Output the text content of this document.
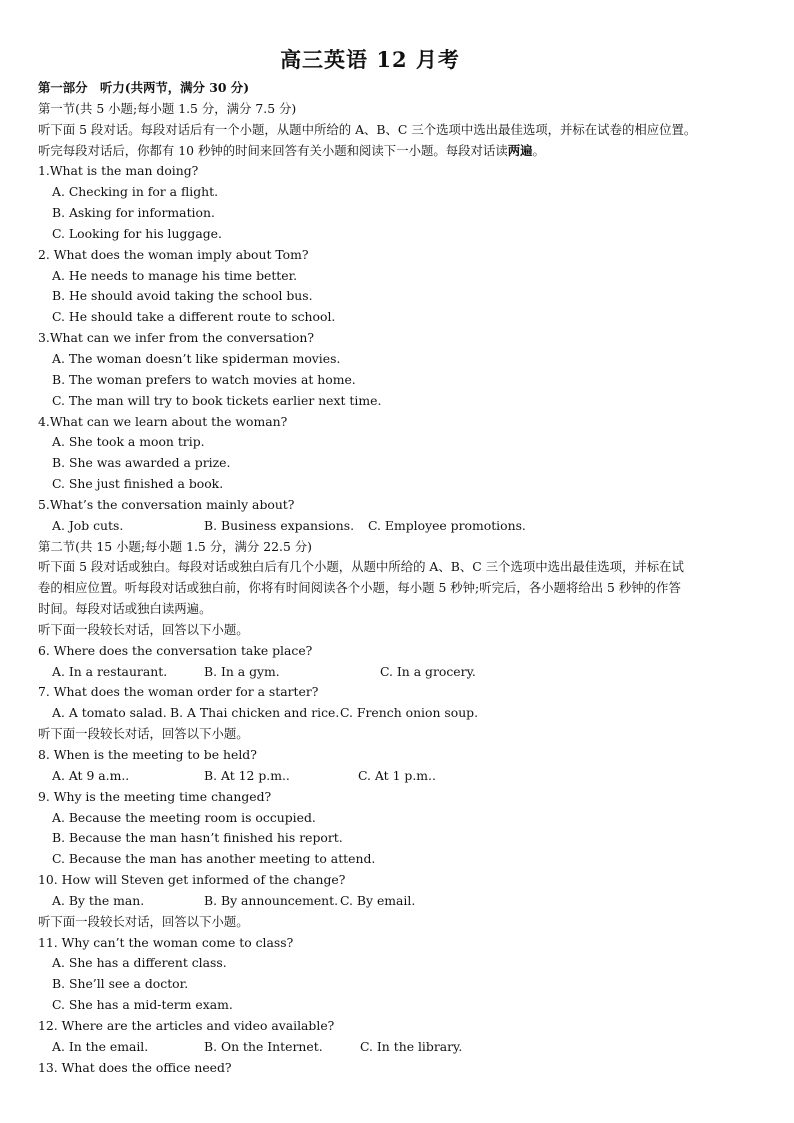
高三英语 12 月考
第一部分　听力(共两节，满分 30 分)
第一节(共 5 小题;每小题 1.5 分，满分 7.5 分)
听下面 5 段对话。每段对话后有一个小题，从题中所给的 A、B、C 三个选项中选出最佳选项，并标在试卷的相应位置。
听完每段对话后，你都有 10 秒钟的时间来回答有关小题和阅读下一小题。每段对话读两遍。
1.What is the man doing?
A. Checking in for a flight.
B. Asking for information.
C. Looking for his luggage.
2. What does the woman imply about Tom?
A. He needs to manage his time better.
B. He should avoid taking the school bus.
C. He should take a different route to school.
3.What can we infer from the conversation?
A. The woman doesn’t like spiderman movies.
B. The woman prefers to watch movies at home.
C. The man will try to book tickets earlier next time.
4.What can we learn about the woman?
A. She took a moon trip.
B. She was awarded a prize.
C. She just finished a book.
5.What’s the conversation mainly about?
A. Job cuts.	B. Business expansions.	C. Employee promotions.
第二节(共 15 小题;每小题 1.5 分，满分 22.5 分)
听下面 5 段对话或独白。每段对话或独白后有几个小题，从题中所给的 A、B、C 三个选项中选出最佳选项，并标在试
卷的相应位置。听每段对话或独白前，你将有时间阅读各个小题，每小题 5 秒钟;听完后，各小题将给出 5 秒钟的作答
时间。每段对话或独白读两遍。
听下面一段较长对话，回答以下小题。
6. Where does the conversation take place?
A. In a restaurant.	B. In a gym.	C. In a grocery.
7. What does the woman order for a starter?
A. A tomato salad. B. A Thai chicken and rice. C. French onion soup.
听下面一段较长对话，回答以下小题。
8. When is the meeting to be held?
A. At 9 a.m..	B. At 12 p.m..	C. At 1 p.m..
9. Why is the meeting time changed?
A. Because the meeting room is occupied.
B. Because the man hasn’t finished his report.
C. Because the man has another meeting to attend.
10. How will Steven get informed of the change?
A. By the man.	B. By announcement. C. By email.
听下面一段较长对话，回答以下小题。
11. Why can’t the woman come to class?
A. She has a different class.
B. She’ll see a doctor.
C. She has a mid-term exam.
12. Where are the articles and video available?
A. In the email.	B. On the Internet.	C. In the library.
13. What does the office need?
